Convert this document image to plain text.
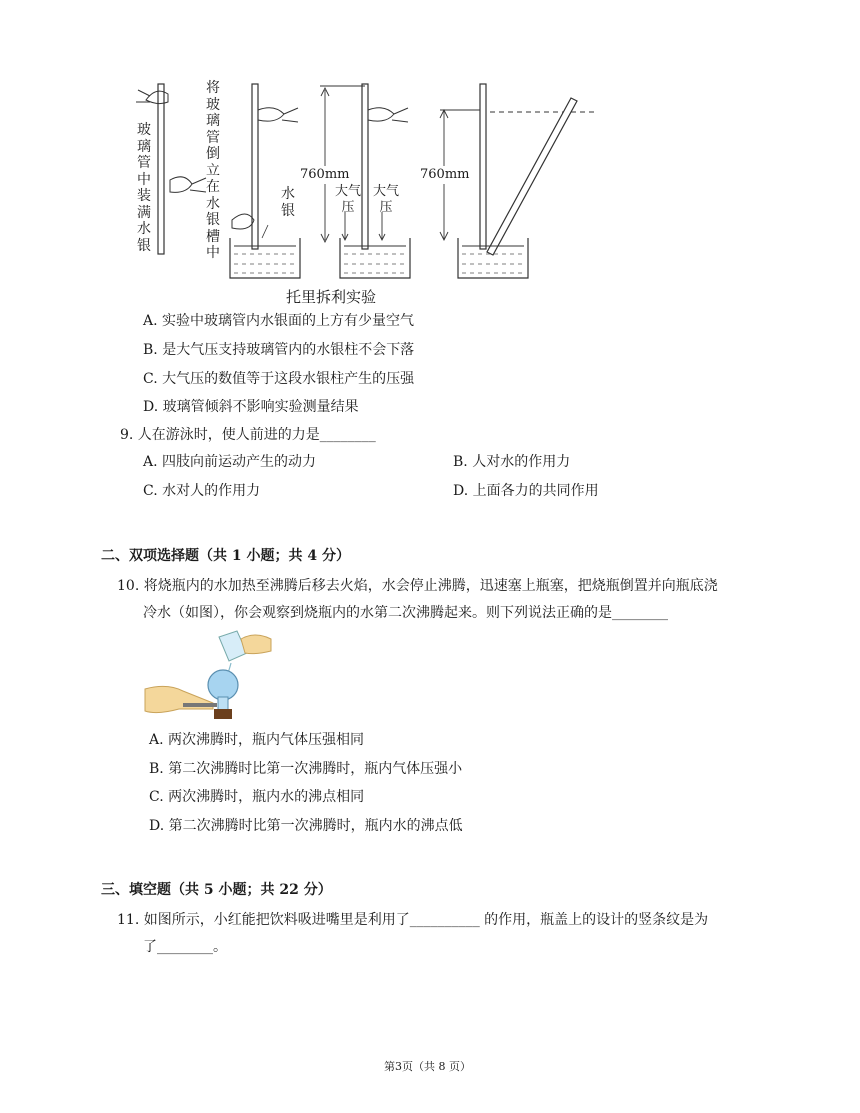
玻璃管中装满水银
将玻璃管倒立在水银槽中
水银
760mm
大气压
大气压
760mm
托里拆利实验
A. 实验中玻璃管内水银面的上方有少量空气
B. 是大气压支持玻璃管内的水银柱不会下落
C. 大气压的数值等于这段水银柱产生的压强
D. 玻璃管倾斜不影响实验测量结果
9. 人在游泳时，使人前进的力是________
A. 四肢向前运动产生的动力	B. 人对水的作用力
C. 水对人的作用力	D. 上面各力的共同作用
二、双项选择题（共 1 小题；共 4 分）
10. 将烧瓶内的水加热至沸腾后移去火焰，水会停止沸腾，迅速塞上瓶塞，把烧瓶倒置并向瓶底浇
冷水（如图），你会观察到烧瓶内的水第二次沸腾起来。则下列说法正确的是________
A. 两次沸腾时，瓶内气体压强相同
B. 第二次沸腾时比第一次沸腾时，瓶内气体压强小
C. 两次沸腾时，瓶内水的沸点相同
D. 第二次沸腾时比第一次沸腾时，瓶内水的沸点低
三、填空题（共 5 小题；共 22 分）
11. 如图所示，小红能把饮料吸进嘴里是利用了__________ 的作用，瓶盖上的设计的竖条纹是为
了________。
第3页（共 8 页）
